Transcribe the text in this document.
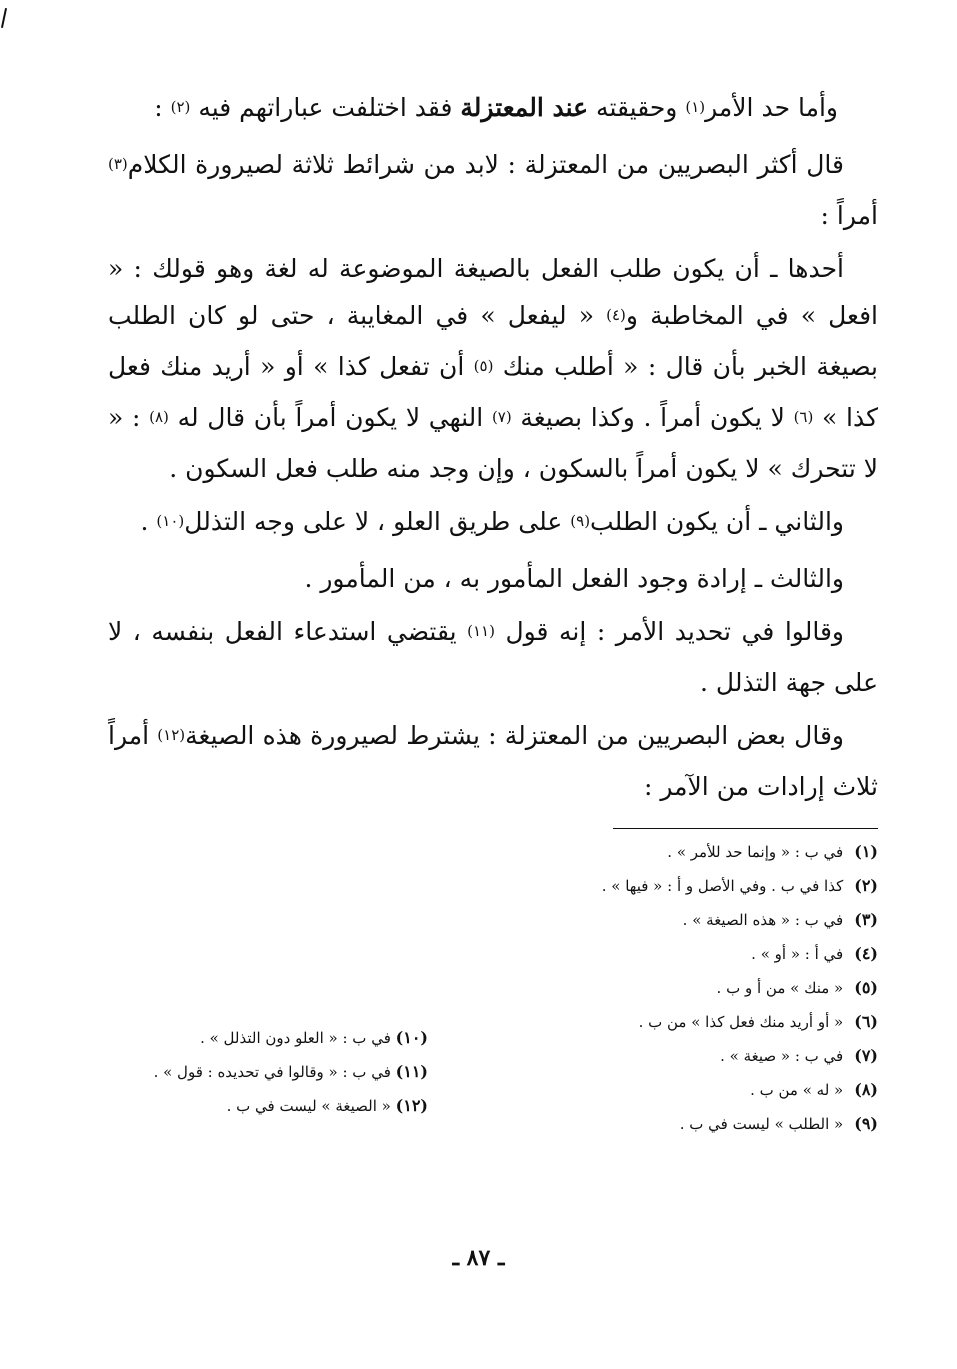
وأما حد الأمر(١) وحقيقته عند المعتزلة فقد اختلفت عباراتهم فيه (٢) :

قال أكثر البصريين من المعتزلة : لابد من شرائط ثلاثة لصيرورة الكلام(٣) أمراً :

أحدها ـ أن يكون طلب الفعل بالصيغة الموضوعة له لغة وهو قولك : « افعل » في المخاطبة و(٤) « ليفعل » في المغايبة ، حتى لو كان الطلب بصيغة الخبر بأن قال : « أطلب منك (٥) أن تفعل كذا » أو « أريد منك فعل كذا » (٦) لا يكون أمراً . وكذا بصيغة (٧) النهي لا يكون أمراً بأن قال له (٨) : « لا تتحرك » لا يكون أمراً بالسكون ، وإن وجد منه طلب فعل السكون .

والثاني ـ أن يكون الطلب(٩) على طريق العلو ، لا على وجه التذلل(١٠) .

والثالث ـ إرادة وجود الفعل المأمور به ، من المأمور .

وقالوا في تحديد الأمر : إنه قول (١١) يقتضي استدعاء الفعل بنفسه ، لا على جهة التذلل .

وقال بعض البصريين من المعتزلة : يشترط لصيرورة هذه الصيغة(١٢) أمراً ثلاث إرادات من الآمر :

(١) في ب : « وإنما حد للأمر » .
(٢) كذا في ب . وفي الأصل و أ : « فيها » .
(٣) في ب : « هذه الصيغة » .
(٤) في أ : « أو » .
(٥) « منك » من أ و ب .
(٦) « أو أريد منك فعل كذا » من ب .
(٧) في ب : « صيغة » .
(٨) « له » من ب .
(٩) « الطلب » ليست في ب .
(١٠) في ب : « العلو دون التذلل » .
(١١) في ب : « وقالوا في تحديده : قول » .
(١٢) « الصيغة » ليست في ب .
ـ ٨٧ ـ
